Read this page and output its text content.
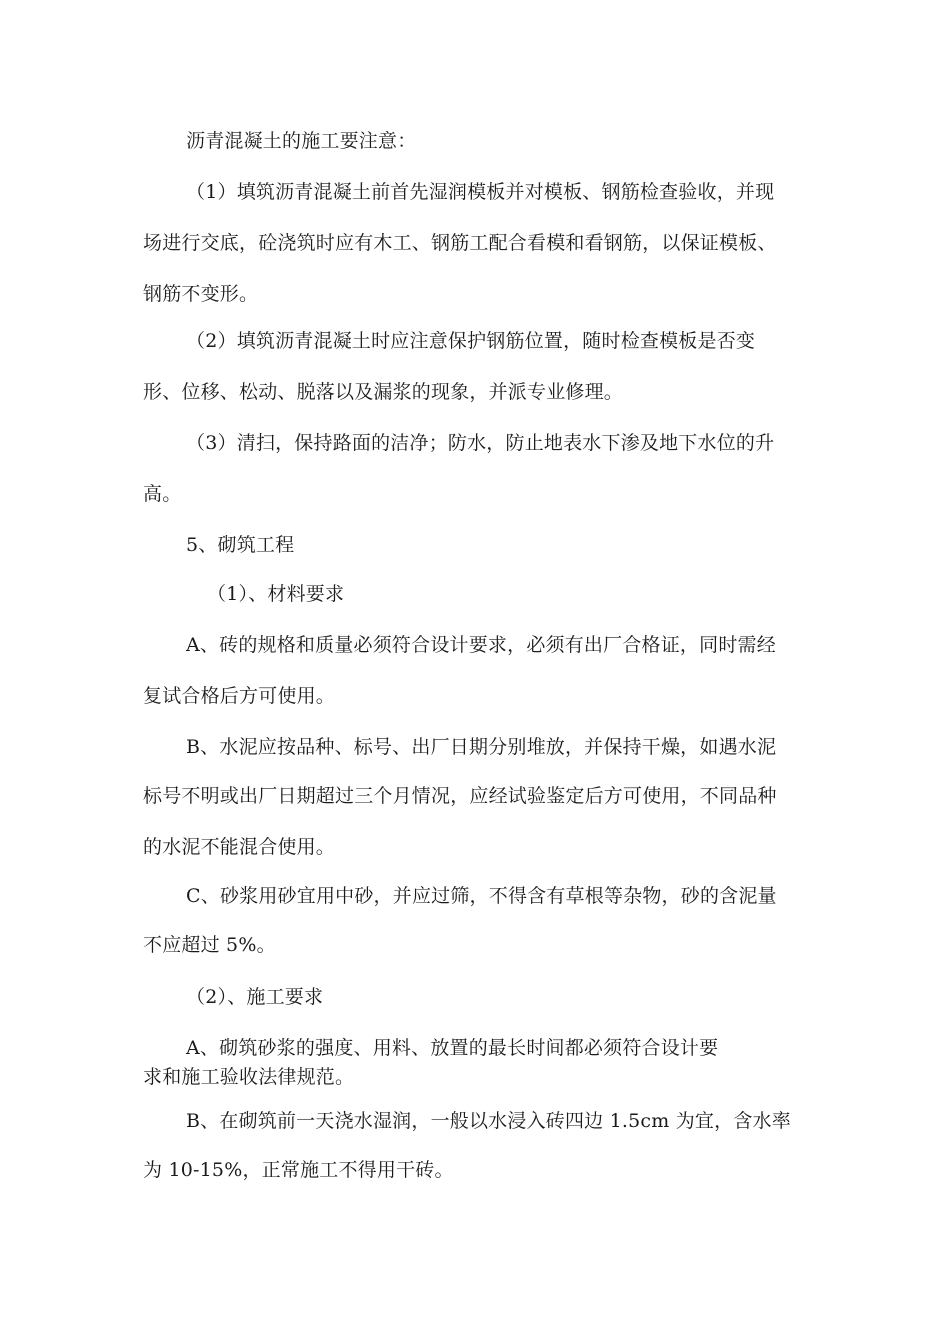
沥青混凝土的施工要注意：
（1）填筑沥青混凝土前首先湿润模板并对模板、钢筋检查验收，并现
场进行交底，砼浇筑时应有木工、钢筋工配合看模和看钢筋，以保证模板、
钢筋不变形。
（2）填筑沥青混凝土时应注意保护钢筋位置，随时检查模板是否变
形、位移、松动、脱落以及漏浆的现象，并派专业修理。
（3）清扫，保持路面的洁净；防水，防止地表水下渗及地下水位的升
高。
5、砌筑工程
（1）、材料要求
A、砖的规格和质量必须符合设计要求，必须有出厂合格证，同时需经
复试合格后方可使用。
B、水泥应按品种、标号、出厂日期分别堆放，并保持干燥，如遇水泥
标号不明或出厂日期超过三个月情况，应经试验鉴定后方可使用，不同品种
的水泥不能混合使用。
C、砂浆用砂宜用中砂，并应过筛，不得含有草根等杂物，砂的含泥量
不应超过 5%。
（2）、施工要求
A、砌筑砂浆的强度、用料、放置的最长时间都必须符合设计要
求和施工验收法律规范。
B、在砌筑前一天浇水湿润，一般以水浸入砖四边 1.5cm 为宜，含水率
为 10-15%，正常施工不得用干砖。
